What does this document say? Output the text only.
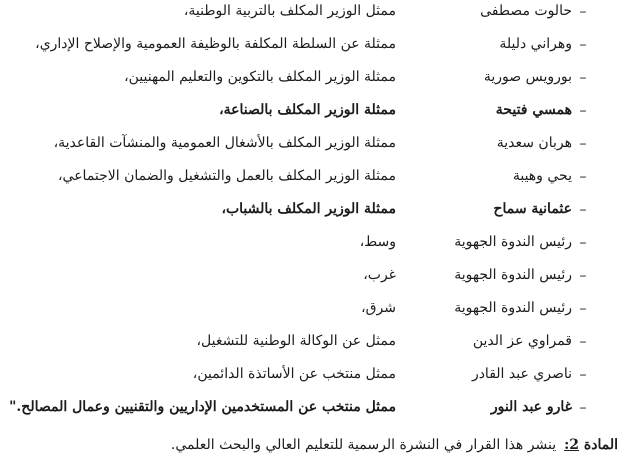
–
حالوت مصطفى
ممثل الوزير المكلف بالتربية الوطنية،
–
وهراني دليلة
ممثلة عن السلطة المكلفة بالوظيفة العمومية والإصلاح الإداري،
–
بورويس صورية
ممثلة الوزير المكلف بالتكوين والتعليم المهنيين،
–
همسي فتيحة
ممثلة الوزير المكلف بالصناعة،
–
هربان سعدية
ممثلة الوزير المكلف بالأشغال العمومية والمنشآت القاعدية،
–
يحي وهيبة
ممثلة الوزير المكلف بالعمل والتشغيل والضمان الاجتماعي،
–
عثمانية سماح
ممثلة الوزير المكلف بالشباب،
–
رئيس الندوة الجهوية
وسط،
–
رئيس الندوة الجهوية
غرب،
–
رئيس الندوة الجهوية
شرق،
–
قمراوي عز الدين
ممثل عن الوكالة الوطنية للتشغيل،
–
ناصري عبد القادر
ممثل منتخب عن الأساتذة الدائمين،
–
غارو عبد النور
ممثل منتخب عن المستخدمين الإداريين والتقنيين وعمال المصالح."
المادة 2:ينشر هذا القرار في النشرة الرسمية للتعليم العالي والبحث العلمي.
